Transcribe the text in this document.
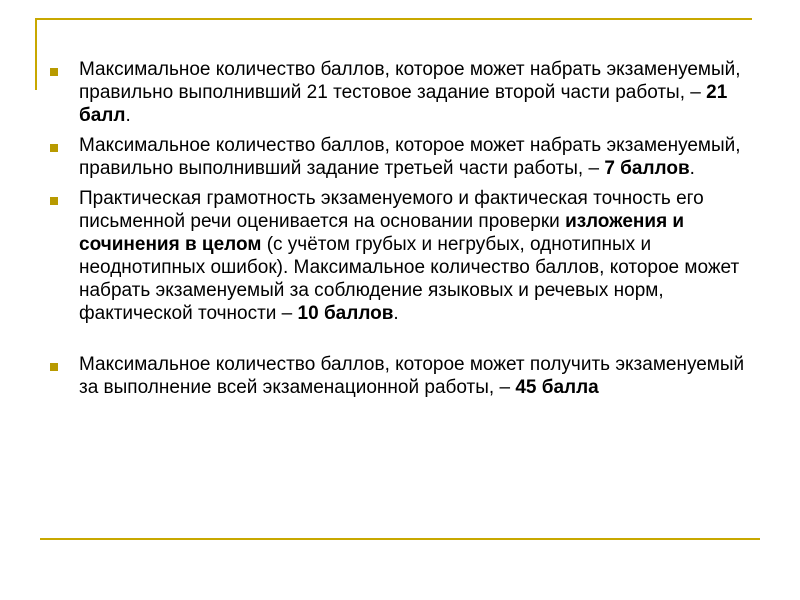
Максимальное количество баллов, которое может набрать экзаменуемый, правильно выполнивший 21 тестовое задание второй части работы, – 21 балл.
Максимальное количество баллов, которое может набрать экзаменуемый, правильно выполнивший задание третьей части работы, – 7 баллов.
Практическая грамотность экзаменуемого и фактическая точность его письменной речи оценивается на основании проверки изложения и сочинения в целом (с учётом грубых и негрубых, однотипных и неоднотипных ошибок). Максимальное количество баллов, которое может набрать экзаменуемый за соблюдение языковых и речевых норм, фактической точности – 10 баллов.
Максимальное количество баллов, которое может получить экзаменуемый за выполнение всей экзаменационной работы, – 45 балла
